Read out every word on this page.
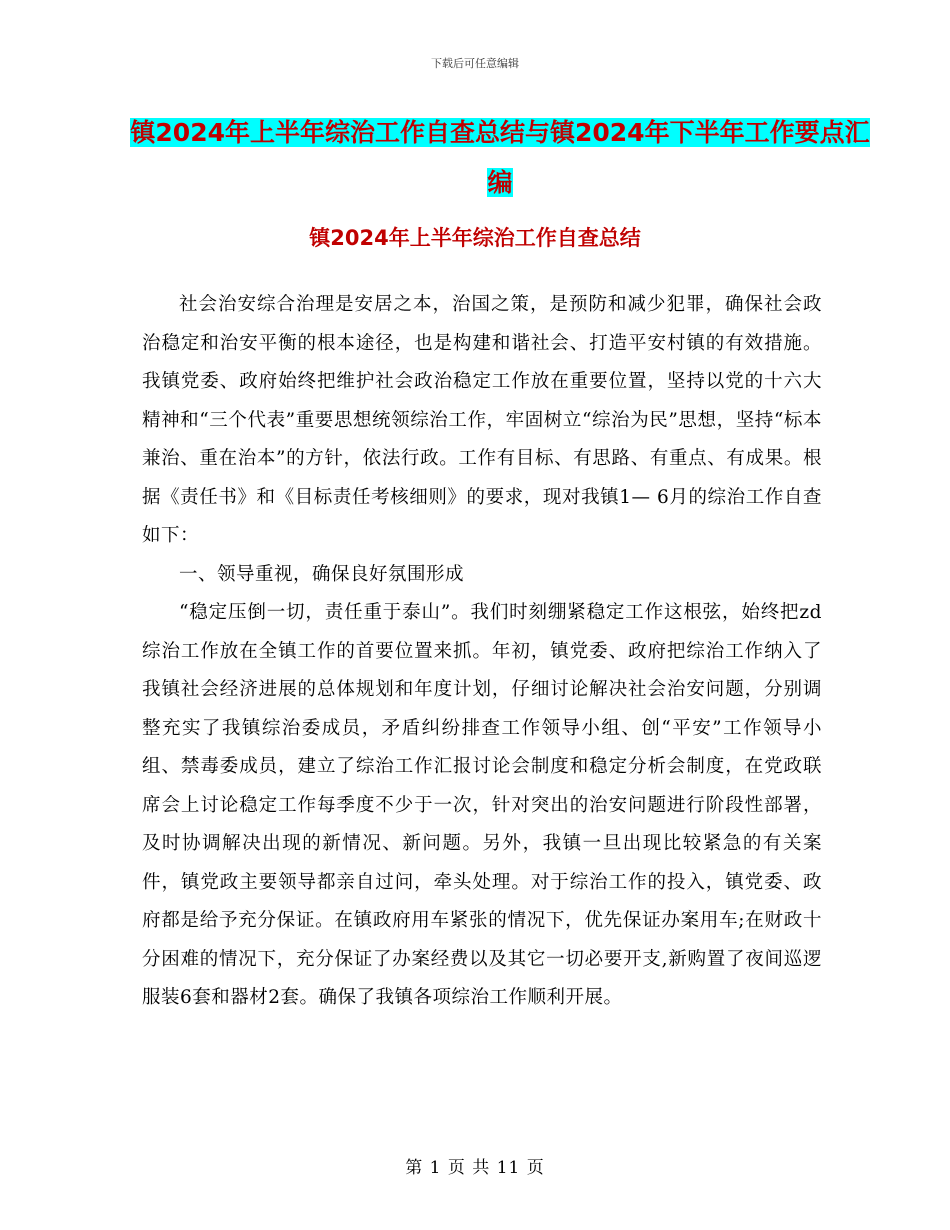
下载后可任意编辑
镇2024年上半年综治工作自查总结与镇2024年下半年工作要点汇编
镇2024年上半年综治工作自查总结

社会治安综合治理是安居之本，治国之策，是预防和减少犯罪，确保社会政治稳定和治安平衡的根本途径，也是构建和谐社会、打造平安村镇的有效措施。我镇党委、政府始终把维护社会政治稳定工作放在重要位置，坚持以党的十六大精神和“三个代表”重要思想统领综治工作，牢固树立“综治为民”思想，坚持“标本兼治、重在治本”的方针，依法行政。工作有目标、有思路、有重点、有成果。根据《责任书》和《目标责任考核细则》的要求，现对我镇1— 6月的综治工作自查如下：

一、领导重视，确保良好氛围形成

“稳定压倒一切，责任重于泰山”。我们时刻绷紧稳定工作这根弦，始终把zd综治工作放在全镇工作的首要位置来抓。年初，镇党委、政府把综治工作纳入了我镇社会经济进展的总体规划和年度计划，仔细讨论解决社会治安问题，分别调整充实了我镇综治委成员，矛盾纠纷排查工作领导小组、创“平安”工作领导小组、禁毒委成员，建立了综治工作汇报讨论会制度和稳定分析会制度，在党政联席会上讨论稳定工作每季度不少于一次，针对突出的治安问题进行阶段性部署，及时协调解决出现的新情况、新问题。另外，我镇一旦出现比较紧急的有关案件，镇党政主要领导都亲自过问，牵头处理。对于综治工作的投入，镇党委、政府都是给予充分保证。在镇政府用车紧张的情况下，优先保证办案用车;在财政十分困难的情况下，充分保证了办案经费以及其它一切必要开支,新购置了夜间巡逻服装6套和器材2套。确保了我镇各项综治工作顺利开展。

第 1 页 共 11 页
